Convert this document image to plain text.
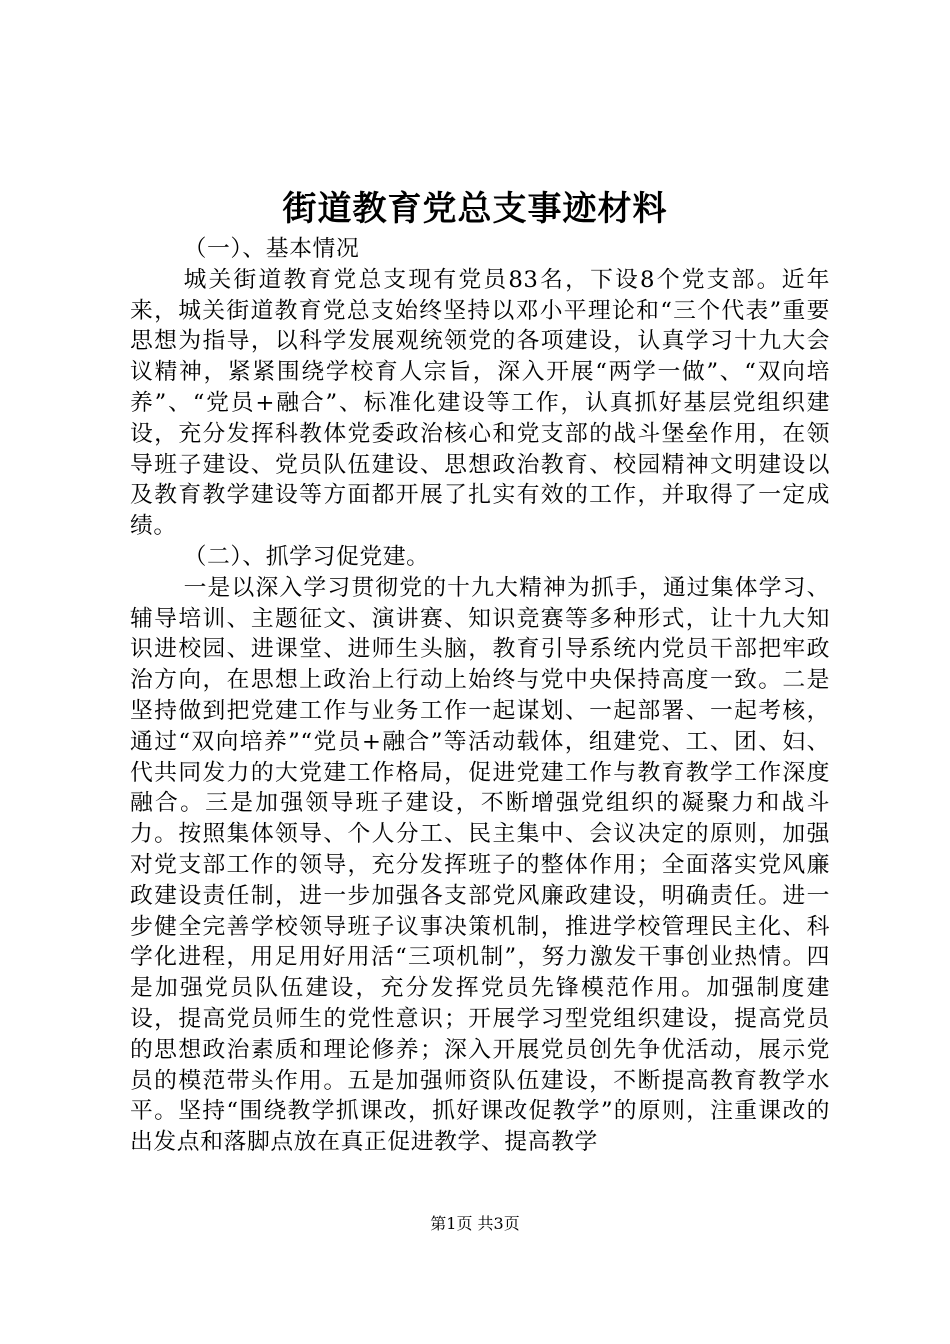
街道教育党总支事迹材料

（一）、基本情况

城关街道教育党总支现有党员83名，下设8个党支部。近年来，城关街道教育党总支始终坚持以邓小平理论和“三个代表”重要思想为指导，以科学发展观统领党的各项建设，认真学习十九大会议精神，紧紧围绕学校育人宗旨，深入开展“两学一做”、“双向培养”、“党员+融合”、标准化建设等工作，认真抓好基层党组织建设，充分发挥科教体党委政治核心和党支部的战斗堡垒作用，在领导班子建设、党员队伍建设、思想政治教育、校园精神文明建设以及教育教学建设等方面都开展了扎实有效的工作，并取得了一定成绩。

（二）、抓学习促党建。

一是以深入学习贯彻党的十九大精神为抓手，通过集体学习、辅导培训、主题征文、演讲赛、知识竞赛等多种形式，让十九大知识进校园、进课堂、进师生头脑，教育引导系统内党员干部把牢政治方向，在思想上政治上行动上始终与党中央保持高度一致。二是坚持做到把党建工作与业务工作一起谋划、一起部署、一起考核，通过“双向培养”“党员+融合”等活动载体，组建党、工、团、妇、代共同发力的大党建工作格局，促进党建工作与教育教学工作深度融合。三是加强领导班子建设，不断增强党组织的凝聚力和战斗力。按照集体领导、个人分工、民主集中、会议决定的原则，加强对党支部工作的领导，充分发挥班子的整体作用；全面落实党风廉政建设责任制，进一步加强各支部党风廉政建设，明确责任。进一步健全完善学校领导班子议事决策机制，推进学校管理民主化、科学化进程，用足用好用活“三项机制”，努力激发干事创业热情。四是加强党员队伍建设，充分发挥党员先锋模范作用。加强制度建设，提高党员师生的党性意识；开展学习型党组织建设，提高党员的思想政治素质和理论修养；深入开展党员创先争优活动，展示党员的模范带头作用。五是加强师资队伍建设，不断提高教育教学水平。坚持“围绕教学抓课改，抓好课改促教学”的原则，注重课改的出发点和落脚点放在真正促进教学、提高教学

第1页 共3页
